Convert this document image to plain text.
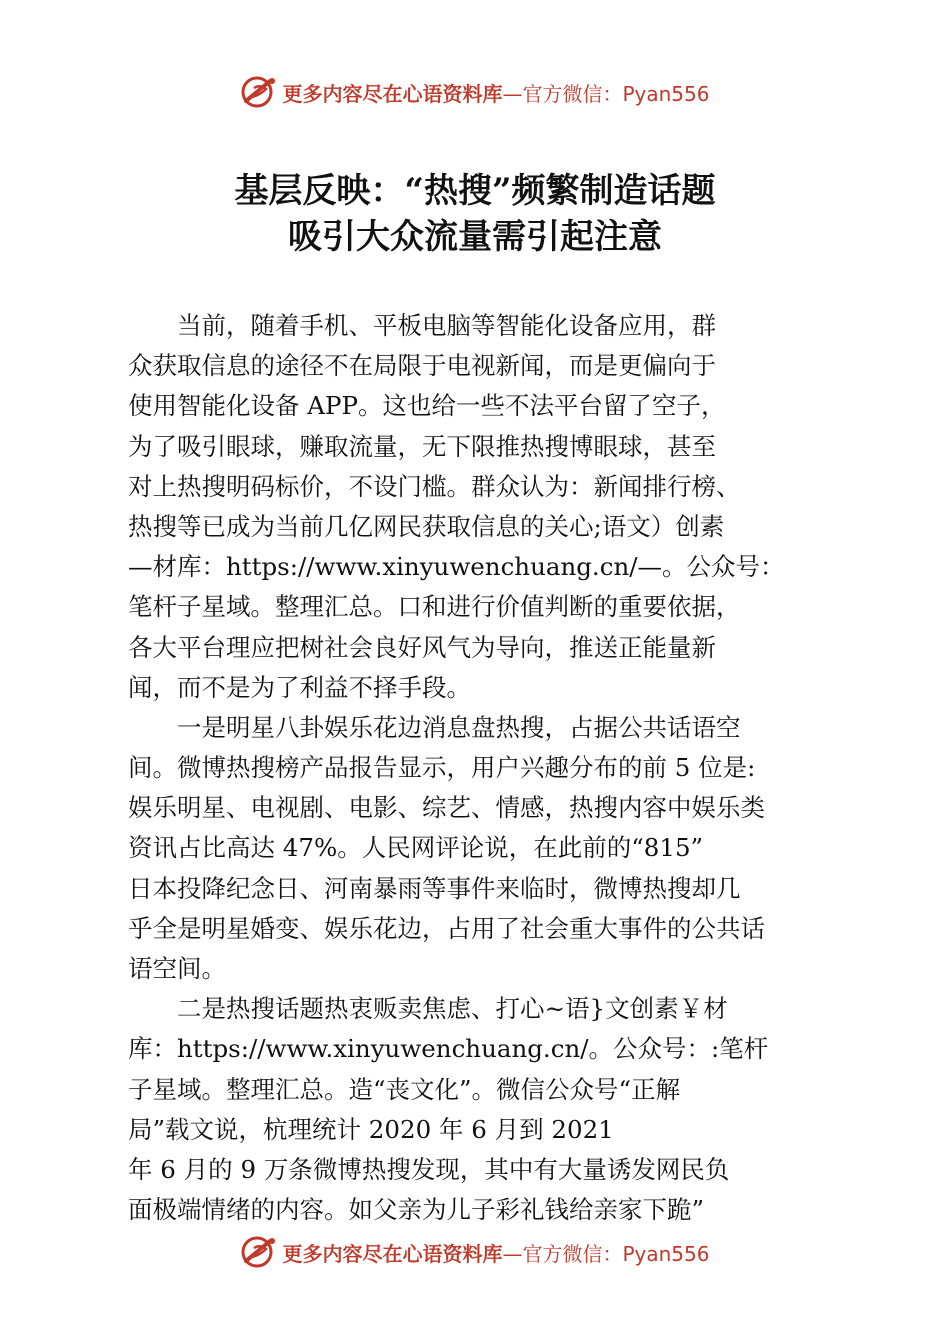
更多内容尽在心语资料库—官方微信：Pyan556
基层反映：“热搜”频繁制造话题
吸引大众流量需引起注意
　　当前，随着手机、平板电脑等智能化设备应用，群
众获取信息的途径不在局限于电视新闻，而是更偏向于
使用智能化设备 APP。这也给一些不法平台留了空子，
为了吸引眼球，赚取流量，无下限推热搜博眼球，甚至
对上热搜明码标价，不设门槛。群众认为：新闻排行榜、
热搜等已成为当前几亿网民获取信息的关心;语文）创素
—材库：https://www.xinyuwenchuang.cn/—。公众号：
笔杆子星域。整理汇总。口和进行价值判断的重要依据，
各大平台理应把树社会良好风气为导向，推送正能量新
闻，而不是为了利益不择手段。
　　一是明星八卦娱乐花边消息盘热搜，占据公共话语空
间。微博热搜榜产品报告显示，用户兴趣分布的前 5 位是:
娱乐明星、电视剧、电影、综艺、情感，热搜内容中娱乐类
资讯占比高达 47%。人民网评论说，在此前的“815”
日本投降纪念日、河南暴雨等事件来临时，微博热搜却几
乎全是明星婚变、娱乐花边，占用了社会重大事件的公共话
语空间。
　　二是热搜话题热衷贩卖焦虑、打心~语}文创素￥材
库：https://www.xinyuwenchuang.cn/。公众号：:笔杆
子星域。整理汇总。造“丧文化”。微信公众号“正解
局”载文说，杭理统计 2020 年 6 月到 2021
年 6 月的 9 万条微博热搜发现，其中有大量诱发网民负
面极端情绪的内容。如父亲为儿子彩礼钱给亲家下跪”
更多内容尽在心语资料库—官方微信：Pyan556
